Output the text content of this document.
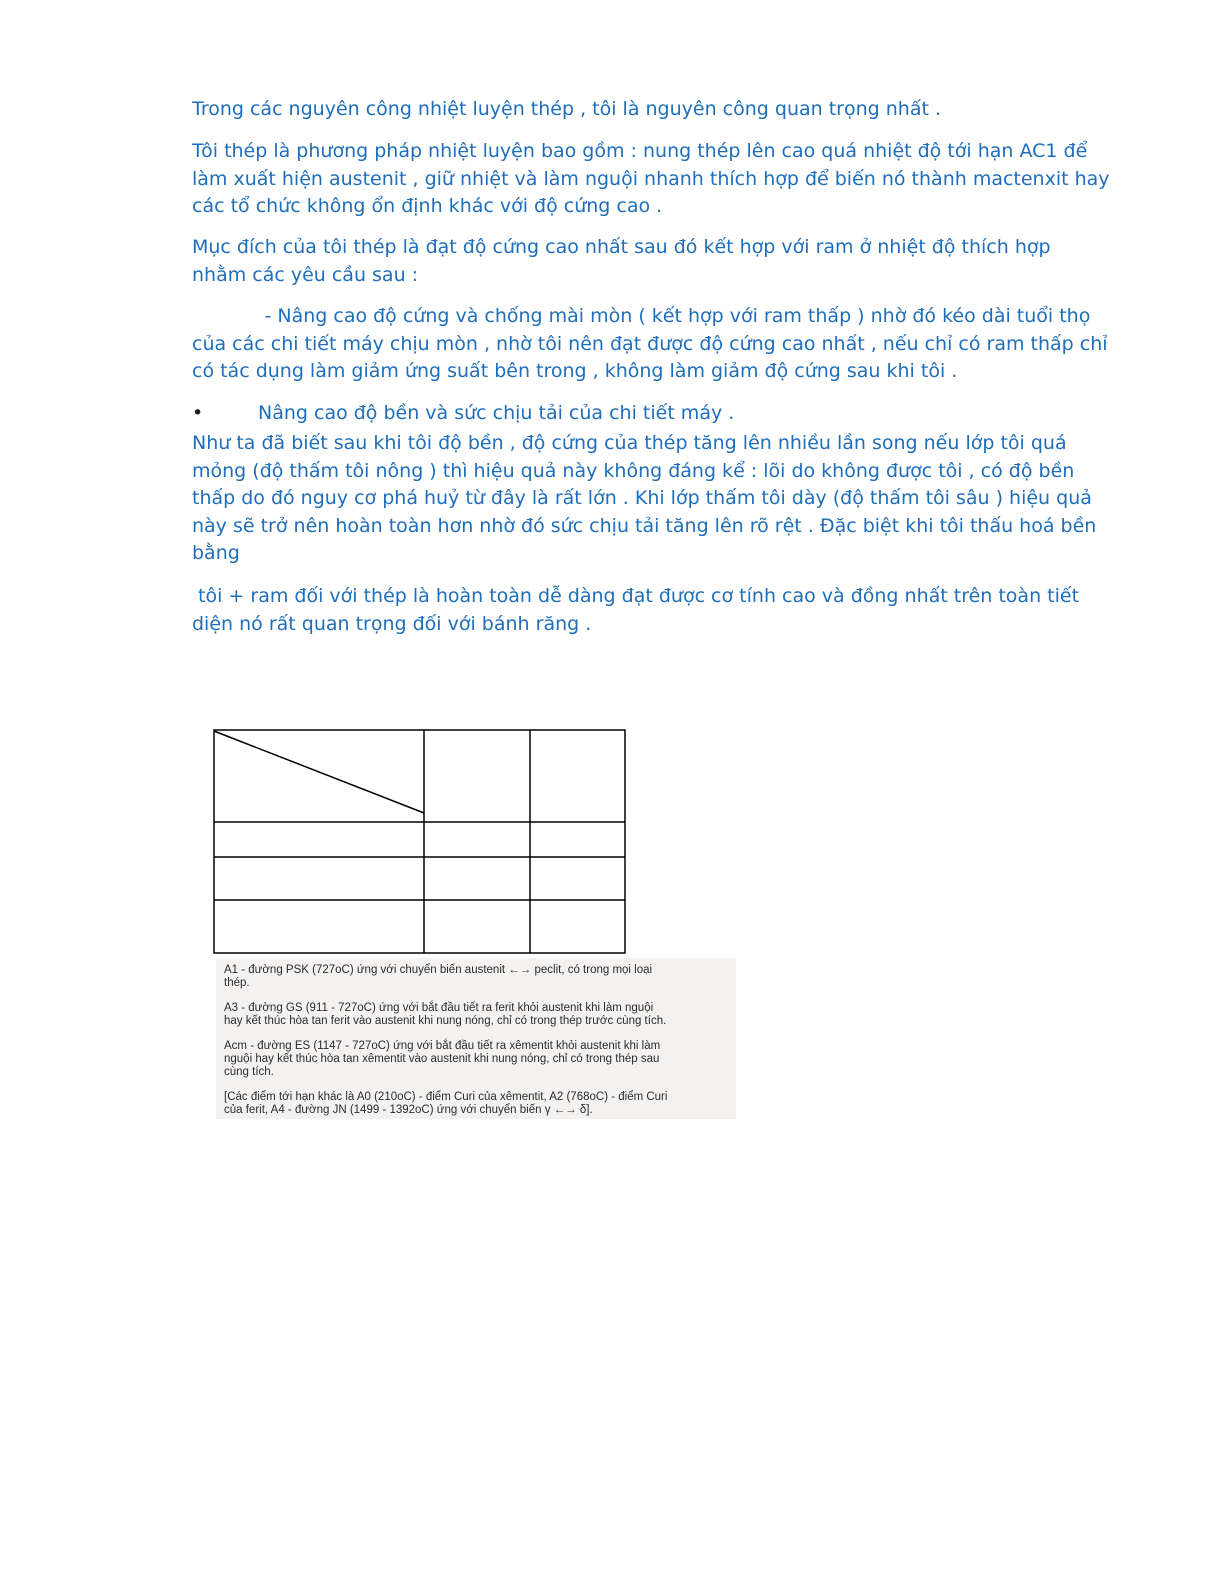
Trong các nguyên công nhiệt luyện thép , tôi là nguyên công quan trọng nhất .
Tôi thép là phương pháp nhiệt luyện bao gồm : nung thép lên cao quá nhiệt độ tới hạn AC1 để
làm xuất hiện austenit , giữ nhiệt và làm nguội nhanh thích hợp để biến nó thành mactenxit hay
các tổ chức không ổn định khác với độ cứng cao .
Mục đích của tôi thép là đạt độ cứng cao nhất sau đó kết hợp với ram ở nhiệt độ thích hợp
nhằm các yêu cầu sau :
- Nâng cao độ cứng và chống mài mòn ( kết hợp với ram thấp ) nhờ đó kéo dài tuổi thọ
của các chi tiết máy chịu mòn , nhờ tôi nên đạt được độ cứng cao nhất , nếu chỉ có ram thấp chỉ
có tác dụng làm giảm ứng suất bên trong , không làm giảm độ cứng sau khi tôi .
•	Nâng cao độ bền và sức chịu tải của chi tiết máy .
Như ta đã biết sau khi tôi độ bền , độ cứng của thép tăng lên nhiều lần song nếu lớp tôi quá
mỏng (độ thấm tôi nông ) thì hiệu quả này không đáng kể : lõi do không được tôi , có độ bền
thấp do đó nguy cơ phá huỷ từ đây là rất lớn . Khi lớp thấm tôi dày (độ thấm tôi sâu ) hiệu quả
này sẽ trở nên hoàn toàn hơn nhờ đó sức chịu tải tăng lên rõ rệt . Đặc biệt khi tôi thấu hoá bền
bằng
tôi + ram đối với thép là hoàn toàn dễ dàng đạt được cơ tính cao và đồng nhất trên toàn tiết
diện nó rất quan trọng đối với bánh răng .
A1 - đường PSK (727oC) ứng với chuyển biến austenit ←→ peclit, có trong mọi loại
thép.
A3 - đường GS (911 - 727oC) ứng với bắt đầu tiết ra ferit khỏi austenit khi làm nguội
hay kết thúc hòa tan ferit vào austenit khi nung nóng, chỉ có trong thép trước cùng tích.
Acm - đường ES (1147 - 727oC) ứng với bắt đầu tiết ra xêmentit khỏi austenit khi làm
nguội hay kết thúc hòa tan xêmentit vào austenit khi nung nóng, chỉ có trong thép sau
cùng tích.
[Các điểm tới hạn khác là A0 (210oC) - điểm Curi của xêmentit, A2 (768oC) - điểm Curi
của ferit, A4 - đường JN (1499 - 1392oC) ứng với chuyển biến γ ←→ δ].
